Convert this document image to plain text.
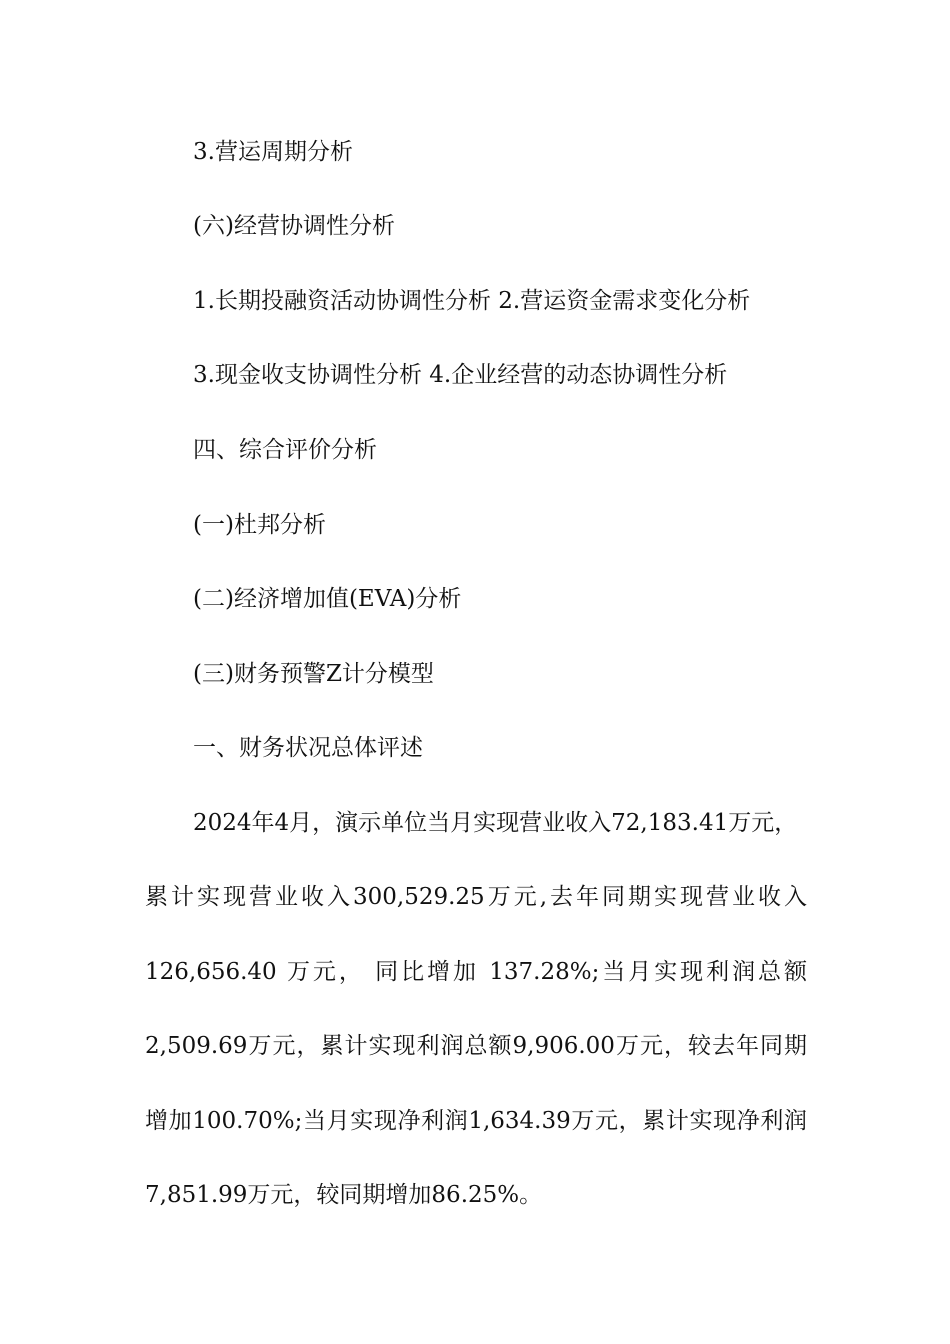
3.营运周期分析
(六)经营协调性分析
1.长期投融资活动协调性分析 2.营运资金需求变化分析
3.现金收支协调性分析 4.企业经营的动态协调性分析
四、综合评价分析
(一)杜邦分析
(二)经济增加值(EVA)分析
(三)财务预警Z计分模型
一、财务状况总体评述
2024年4月，演示单位当月实现营业收入72,183.41万元，
累计实现营业收入300,529.25万元,去年同期实现营业收入
126,656.40 万元， 同比增加 137.28%;当月实现利润总额
2,509.69万元，累计实现利润总额9,906.00万元，较去年同期
增加100.70%;当月实现净利润1,634.39万元，累计实现净利润
7,851.99万元，较同期增加86.25%。
